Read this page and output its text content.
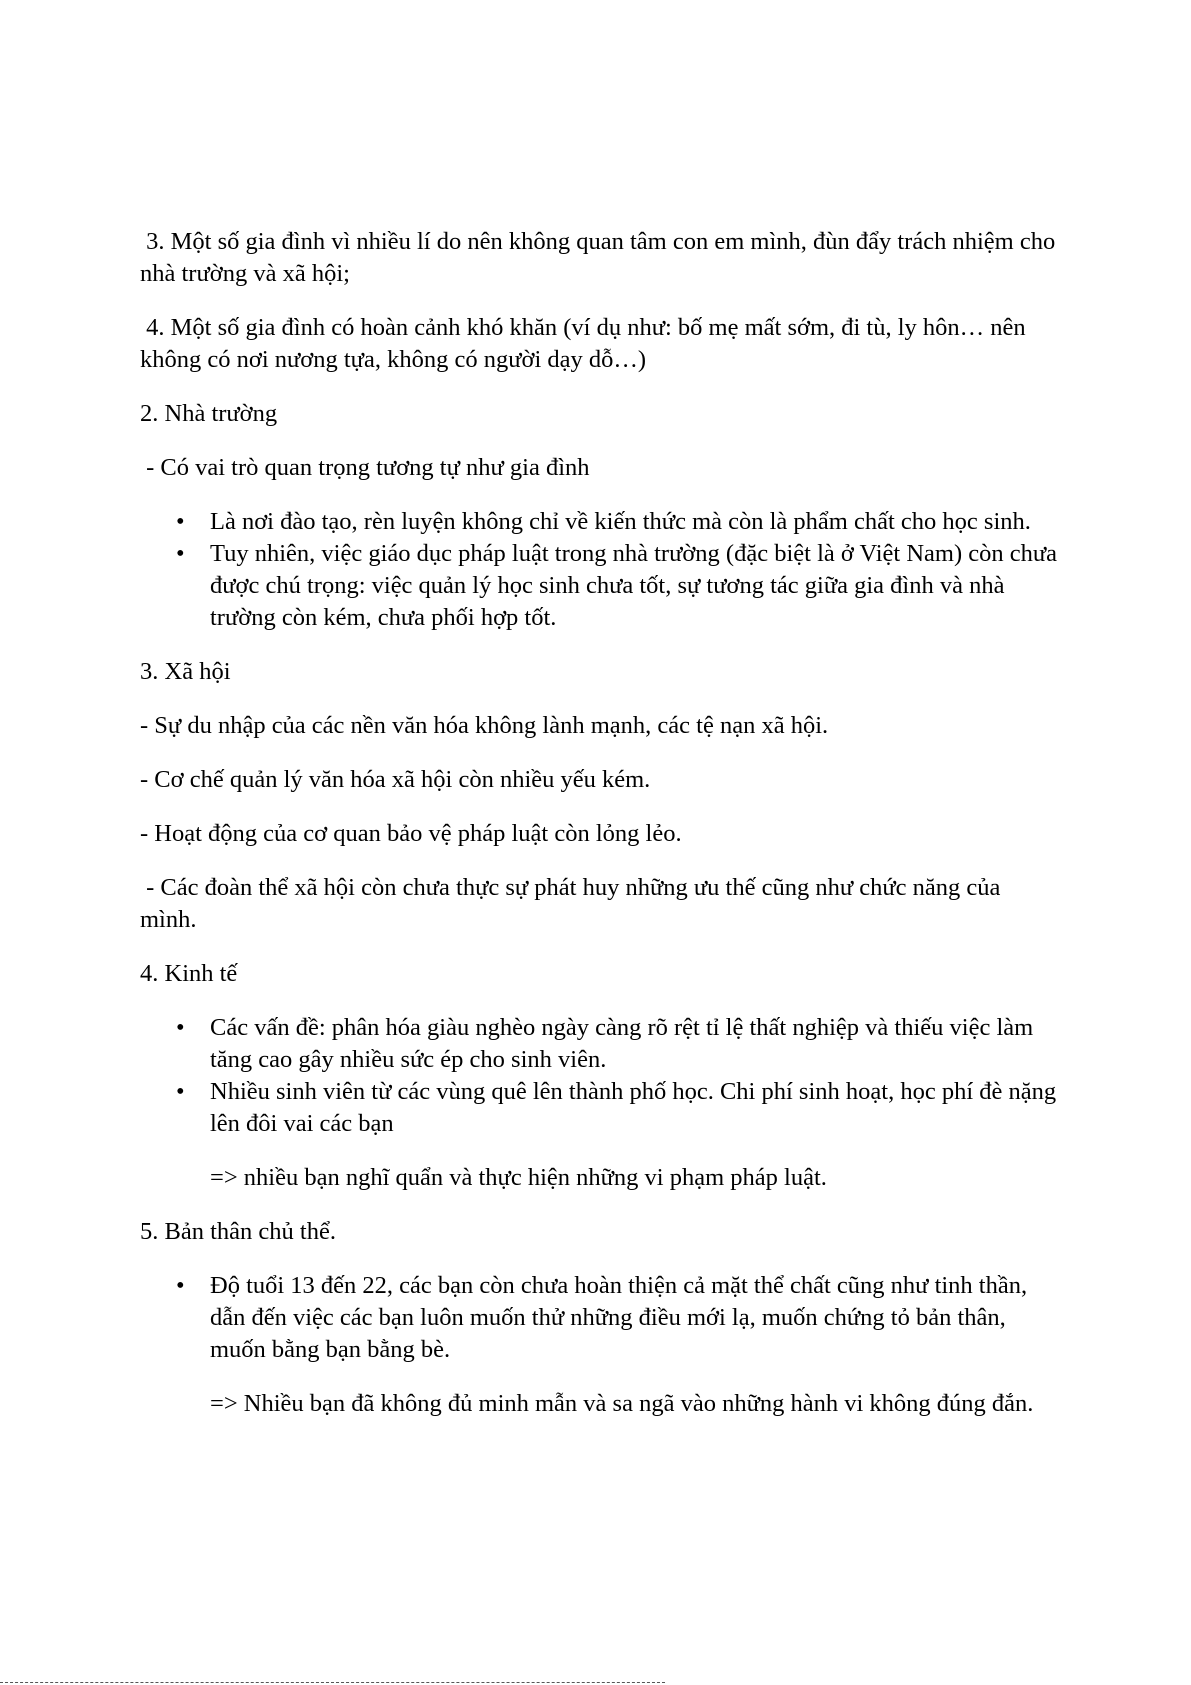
3. Một số gia đình vì nhiều lí do nên không quan tâm con em mình, đùn đẩy trách nhiệm cho nhà trường và xã hội;

4. Một số gia đình có hoàn cảnh khó khăn (ví dụ như: bố mẹ mất sớm, đi tù, ly hôn… nên không có nơi nương tựa, không có người dạy dỗ…)

2. Nhà trường

- Có vai trò quan trọng tương tự như gia đình

• Là nơi đào tạo, rèn luyện không chỉ về kiến thức mà còn là phẩm chất cho học sinh.
• Tuy nhiên, việc giáo dục pháp luật trong nhà trường (đặc biệt là ở Việt Nam) còn chưa được chú trọng: việc quản lý học sinh chưa tốt, sự tương tác giữa gia đình và nhà trường còn kém, chưa phối hợp tốt.

3. Xã hội

- Sự du nhập của các nền văn hóa không lành mạnh, các tệ nạn xã hội.

- Cơ chế quản lý văn hóa xã hội còn nhiều yếu kém.

- Hoạt động của cơ quan bảo vệ pháp luật còn lỏng lẻo.

- Các đoàn thể xã hội còn chưa thực sự phát huy những ưu thế cũng như chức năng của mình.

4. Kinh tế

• Các vấn đề: phân hóa giàu nghèo ngày càng rõ rệt tỉ lệ thất nghiệp và thiếu việc làm tăng cao gây nhiều sức ép cho sinh viên.
• Nhiều sinh viên từ các vùng quê lên thành phố học. Chi phí sinh hoạt, học phí đè nặng lên đôi vai các bạn

=> nhiều bạn nghĩ quẩn và thực hiện những vi phạm pháp luật.

5. Bản thân chủ thể.

• Độ tuổi 13 đến 22, các bạn còn chưa hoàn thiện cả mặt thể chất cũng như tinh thần, dẫn đến việc các bạn luôn muốn thử những điều mới lạ, muốn chứng tỏ bản thân, muốn bằng bạn bằng bè.

=> Nhiều bạn đã không đủ minh mẫn và sa ngã vào những hành vi không đúng đắn.
